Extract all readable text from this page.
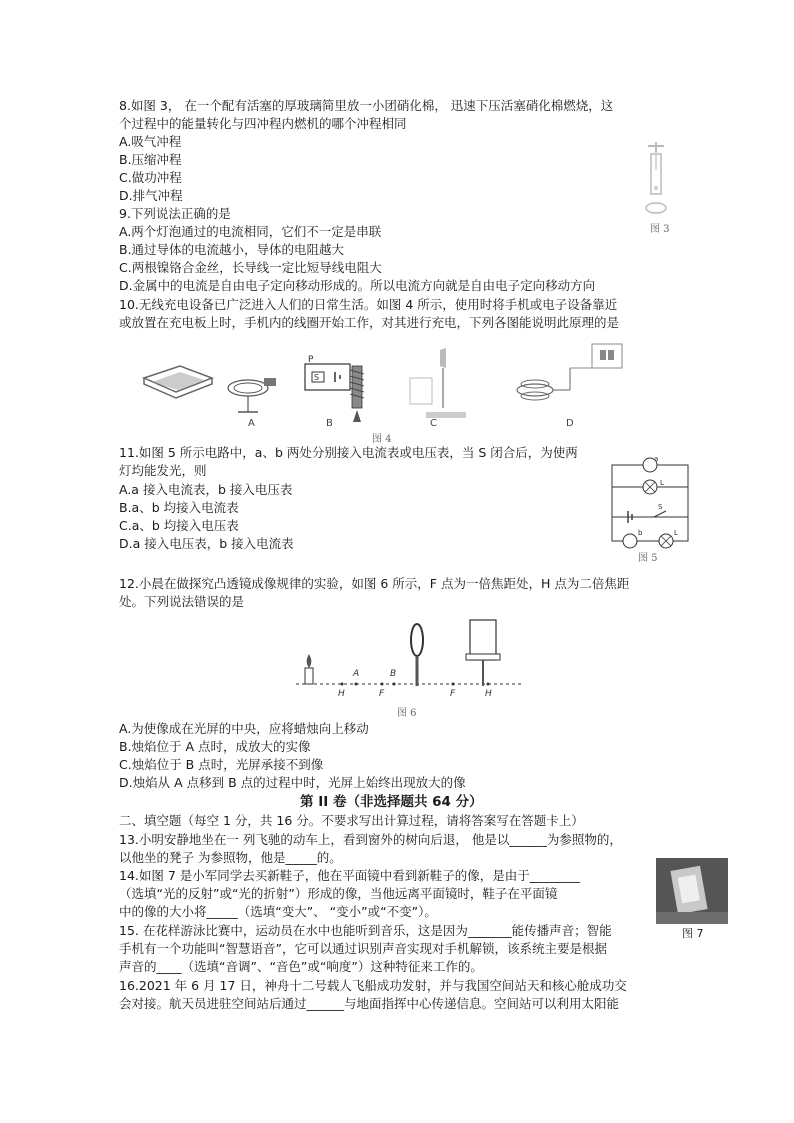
8.如图 3， 在一个配有活塞的厚玻璃简里放一小团硝化棉， 迅速下压活塞硝化棉燃烧，这
个过程中的能量转化与四冲程内燃机的哪个冲程相同
A.吸气冲程
B.压缩冲程
C.做功冲程
D.排气冲程
图 3
9.下列说法正确的是
A.两个灯泡通过的电流相同，它们不一定是串联
B.通过导体的电流越小，导体的电阻越大
C.两根镍铬合金丝，长导线一定比短导线电阻大
D.金属中的电流是自由电子定向移动形成的。所以电流方向就是自由电子定向移动方向
10.无线充电设备已广泛进入人们的日常生活。如图 4 所示，使用时将手机或电子设备靠近
或放置在充电板上时，手机内的线圈开始工作，对其进行充电，下列各图能说明此原理的是
P
S
A	B	C	D
图 4
11.如图 5 所示电路中，a、b 两处分别接入电流表或电压表，当 S 闭合后，为使两
灯均能发光，则
A.a 接入电流表，b 接入电压表
B.a、b 均接入电流表
C.a、b 均接入电压表
D.a 接入电压表，b 接入电流表
a
L
S
b	L
图 5
12.小晨在做探究凸透镜成像规律的实验，如图 6 所示，F 点为一倍焦距处，H 点为二倍焦距
处。下列说法错误的是
H
A
F
B
F	H
图 6
A.为使像成在光屏的中央，应将蜡烛向上移动
B.烛焰位于 A 点时，成放大的实像
C.烛焰位于 B 点时，光屏承接不到像
D.烛焰从 A 点移到 B 点的过程中时，光屏上始终出现放大的像
第 II 卷（非选择题共 64 分）
二、填空题（每空 1 分，共 16 分。不要求写出计算过程，请将答案写在答题卡上）
13.小明安静地坐在一 列飞驰的动车上，看到窗外的树向后退， 他是以______为参照物的，
以他坐的凳子 为参照物，他是_____的。
14.如图 7 是小军同学去买新鞋子，他在平面镜中看到新鞋子的像，是由于________
（选填“光的反射”或“光的折射”）形成的像，当他远离平面镜时，鞋子在平面镜
中的像的大小将_____（选填“变大”、 “变小”或“不变”）。
图 7
15. 在花样游泳比赛中，运动员在水中也能听到音乐，这是因为_______能传播声音；智能
手机有一个功能叫“智慧语音”，它可以通过识别声音实现对手机解锁，该系统主要是根据
声音的____（选填“音调”、“音色”或“响度”）这种特征来工作的。
16.2021 年 6 月 17 日，神舟十二号载人飞船成功发射，并与我国空间站天和核心舱成功交
会对接。航天员进驻空间站后通过______与地面指挥中心传递信息。空间站可以利用太阳能
